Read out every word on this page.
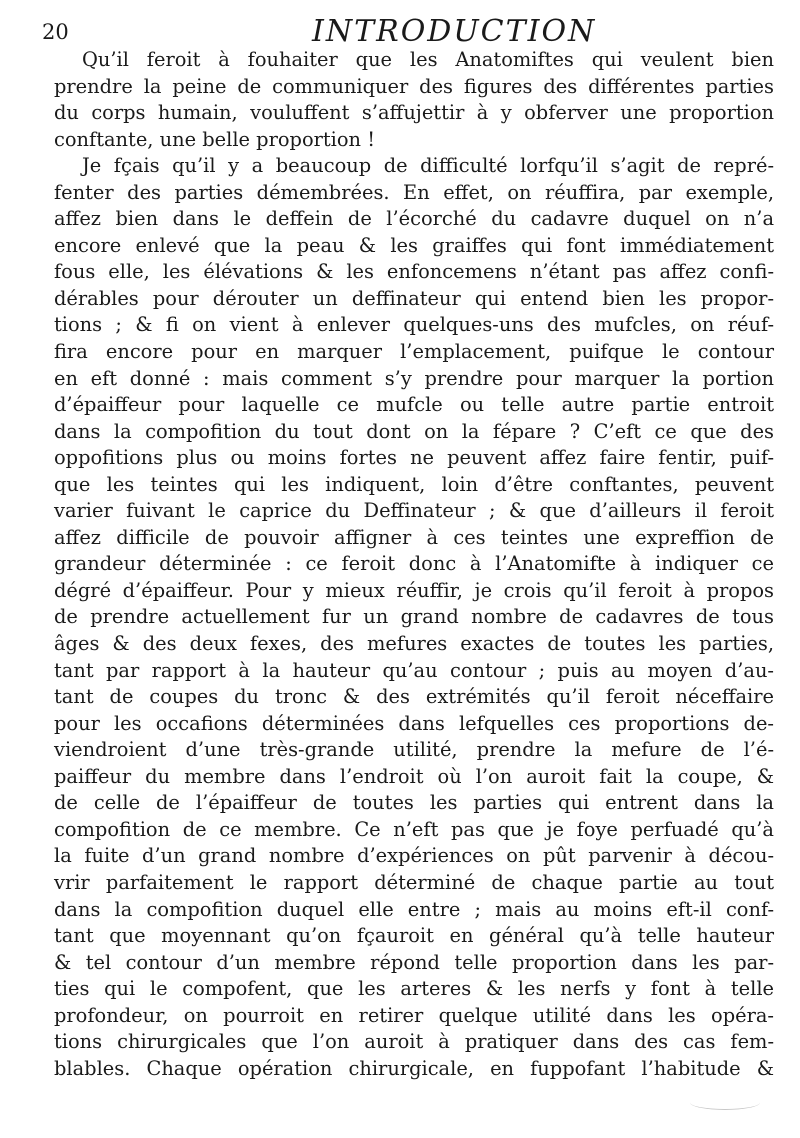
20	INTRODUCTION
Qu’il feroit à fouhaiter que les Anatomiftes qui veulent bien
prendre la peine de communiquer des figures des différentes parties
du corps humain, vouluffent s’affujettir à y obferver une proportion
conftante, une belle proportion !
Je fçais qu’il y a beaucoup de difficulté lorfqu’il s’agit de repré-
fenter des parties démembrées. En effet, on réuffira, par exemple,
affez bien dans le deffein de l’écorché du cadavre duquel on n’a
encore enlevé que la peau & les graiffes qui font immédiatement
fous elle, les élévations & les enfoncemens n’étant pas affez confi-
dérables pour dérouter un deffinateur qui entend bien les propor-
tions ; & fi on vient à enlever quelques-uns des mufcles, on réuf-
fira encore pour en marquer l’emplacement, puifque le contour
en eft donné : mais comment s’y prendre pour marquer la portion
d’épaiffeur pour laquelle ce mufcle ou telle autre partie entroit
dans la compofition du tout dont on la fépare ? C’eft ce que des
oppofitions plus ou moins fortes ne peuvent affez faire fentir, puif-
que les teintes qui les indiquent, loin d’être conftantes, peuvent
varier fuivant le caprice du Deffinateur ; & que d’ailleurs il feroit
affez difficile de pouvoir affigner à ces teintes une expreffion de
grandeur déterminée : ce feroit donc à l’Anatomifte à indiquer ce
dégré d’épaiffeur. Pour y mieux réuffir, je crois qu’il feroit à propos
de prendre actuellement fur un grand nombre de cadavres de tous
âges & des deux fexes, des mefures exactes de toutes les parties,
tant par rapport à la hauteur qu’au contour ; puis au moyen d’au-
tant de coupes du tronc & des extrémités qu’il feroit néceffaire
pour les occafions déterminées dans lefquelles ces proportions de-
viendroient d’une très-grande utilité, prendre la mefure de l’é-
paiffeur du membre dans l’endroit où l’on auroit fait la coupe, &
de celle de l’épaiffeur de toutes les parties qui entrent dans la
compofition de ce membre. Ce n’eft pas que je foye perfuadé qu’à
la fuite d’un grand nombre d’expériences on pût parvenir à décou-
vrir parfaitement le rapport déterminé de chaque partie au tout
dans la compofition duquel elle entre ; mais au moins eft-il conf-
tant que moyennant qu’on fçauroit en général qu’à telle hauteur
& tel contour d’un membre répond telle proportion dans les par-
ties qui le compofent, que les arteres & les nerfs y font à telle
profondeur, on pourroit en retirer quelque utilité dans les opéra-
tions chirurgicales que l’on auroit à pratiquer dans des cas fem-
blables. Chaque opération chirurgicale, en fuppofant l’habitude &
